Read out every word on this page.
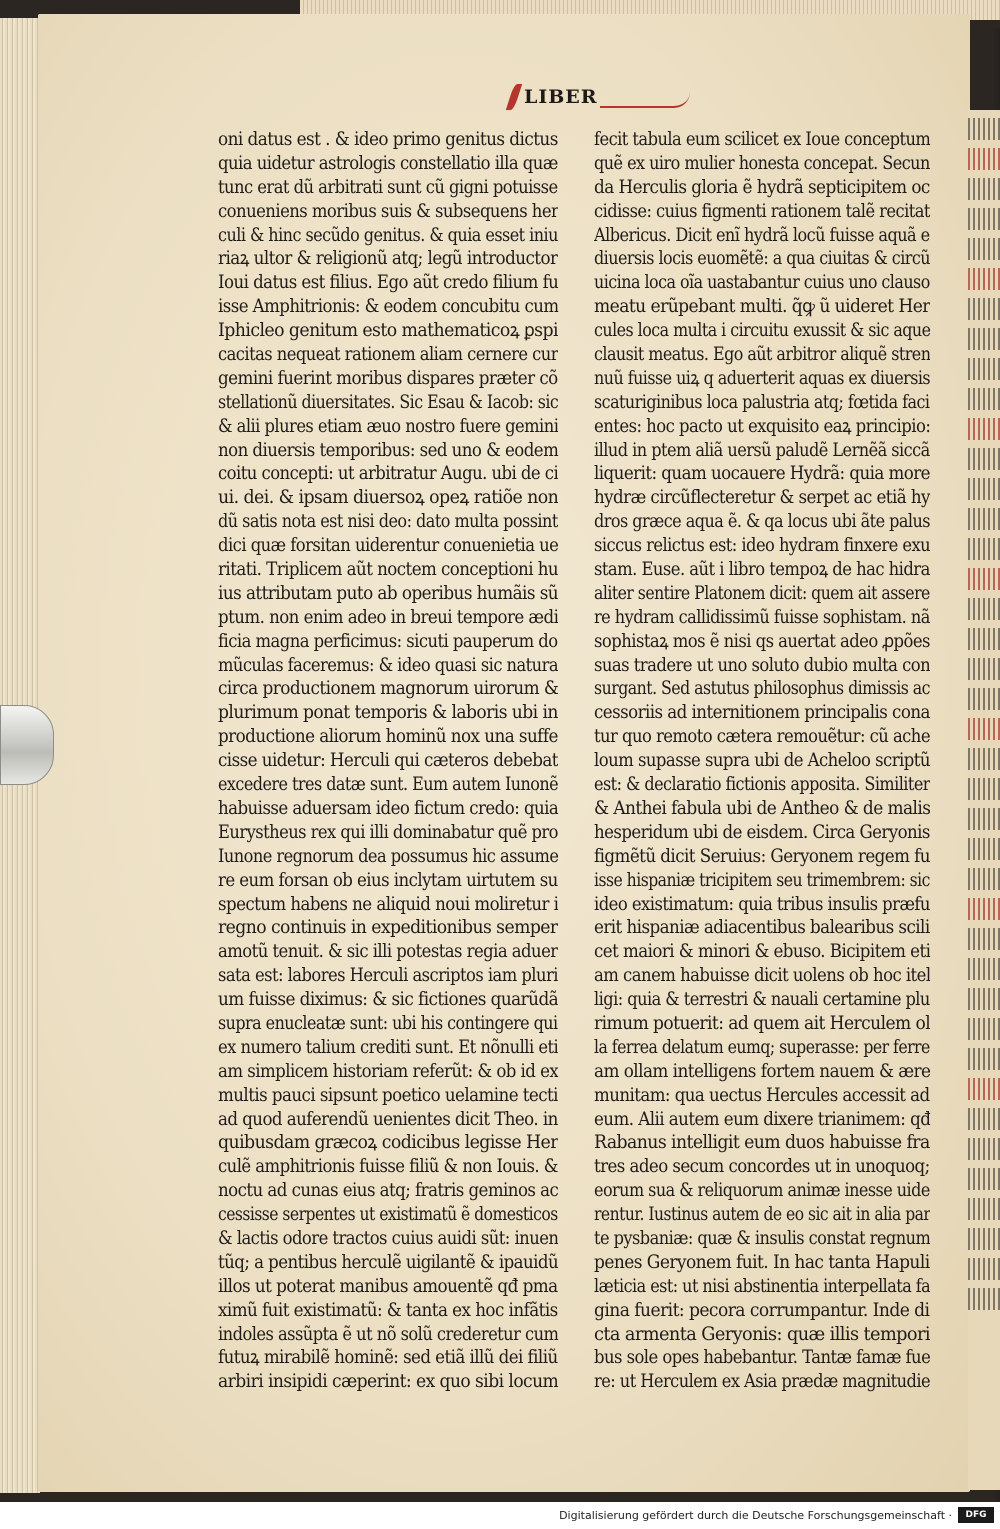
LIBER
oni datus est . & ideo primo genitus dictus
quia uidetur astrologis constellatio illa quæ
tunc erat dũ arbitrati sunt cũ gigni potuisse
conueniens moribus suis & subsequens her
culi & hinc secũdo genitus. & quia esset iniu
riaꝝ ultor & religionũ atq; legũ introductor
Ioui datus est filius. Ego aũt credo filium fu
isse Amphitrionis: & eodem concubitu cum
Iphicleo genitum esto mathematicoꝝ ꝑspi
cacitas nequeat rationem aliam cernere cur
gemini fuerint moribus dispares præter cõ
stellationũ diuersitates. Sic Esau & Iacob: sic
& alii plures etiam æuo nostro fuere gemini
non diuersis temporibus: sed uno & eodem
coitu concepti: ut arbitratur Augu. ubi de ci
ui. dei. & ipsam diuersoꝝ opeꝝ ratiõe non
dũ satis nota est nisi deo: dato multa possint
dici quæ forsitan uiderentur conuenietia ue
ritati. Triplicem aũt noctem conceptioni hu
ius attributam puto ab operibus humãis sũ
ptum. non enim adeo in breui tempore ædi
ficia magna perficimus: sicuti pauperum do
mũculas faceremus: & ideo quasi sic natura
circa productionem magnorum uirorum &
plurimum ponat temporis & laboris ubi in
productione aliorum hominũ nox una suffe
cisse uidetur: Herculi qui cæteros debebat
excedere tres datæ sunt. Eum autem Iunonẽ
habuisse aduersam ideo fictum credo: quia
Eurystheus rex qui illi dominabatur quẽ pro
Iunone regnorum dea possumus hic assume
re eum forsan ob eius inclytam uirtutem su
spectum habens ne aliquid noui moliretur i
regno continuis in expeditionibus semper
amotũ tenuit. & sic illi potestas regia aduer
sata est: labores Herculi ascriptos iam pluri
um fuisse diximus: & sic fictiones quarũdã
supra enucleatæ sunt: ubi his contingere qui
ex numero talium crediti sunt. Et nõnulli eti
am simplicem historiam referũt: & ob id ex
multis pauci sipsunt poetico uelamine tecti
ad quod auferendũ uenientes dicit Theo. in
quibusdam græcoꝝ codicibus legisse Her
culẽ amphitrionis fuisse filiũ & non Iouis. &
noctu ad cunas eius atq; fratris geminos ac
cessisse serpentes ut existimatũ ẽ domesticos
& lactis odore tractos cuius auidi sũt: inuen
tũq; a pentibus herculẽ uigilantẽ & ipauidũ
illos ut poterat manibus amouentẽ qđ pma
ximũ fuit existimatũ: & tanta ex hoc infãtis
indoles assũpta ẽ ut nõ solũ crederetur cum
futuꝝ mirabilẽ hominẽ: sed etiã illũ dei filiũ
arbiri insipidi cæperint: ex quo sibi locum
fecit tabula eum scilicet ex Ioue conceptum
quẽ ex uiro mulier honesta concepat. Secun
da Herculis gloria ẽ hydrã septicipitem oc
cidisse: cuius figmenti rationem talẽ recitat
Albericus. Dicit enĩ hydrã locũ fuisse aquã e
diuersis locis euomẽtẽ: a qua ciuitas & circũ
uicina loca oĩa uastabantur cuius uno clauso
meatu erũpebant multi. q̃ꝙ ũ uideret Her
cules loca multa i circuitu exussit & sic aque
clausit meatus. Ego aũt arbitror aliquẽ stren
nuũ fuisse uiꝝ q aduerterit aquas ex diuersis
scaturiginibus loca palustria atq; fœtida faci
entes: hoc pacto ut exquisito eaꝝ principio:
illud in ptem aliã uersũ paludẽ Lernẽã siccã
liquerit: quam uocauere Hydrã: quia more
hydræ circũflecteretur & serpet ac etiã hy
dros græce aqua ẽ. & qa locus ubi ãte palus
siccus relictus est: ideo hydram finxere exu
stam. Euse. aũt i libro tempoꝝ de hac hidra
aliter sentire Platonem dicit: quem ait assere
re hydram callidissimũ fuisse sophistam. nã
sophistaꝝ mos ẽ nisi qs auertat adeo ꝓpões
suas tradere ut uno soluto dubio multa con
surgant. Sed astutus philosophus dimissis ac
cessoriis ad internitionem principalis cona
tur quo remoto cætera remouẽtur: cũ ache
loum supasse supra ubi de Acheloo scriptũ
est: & declaratio fictionis apposita. Similiter
& Anthei fabula ubi de Antheo & de malis
hesperidum ubi de eisdem. Circa Geryonis
figmẽtũ dicit Seruius: Geryonem regem fu
isse hispaniæ tricipitem seu trimembrem: sic
ideo existimatum: quia tribus insulis præfu
erit hispaniæ adiacentibus balearibus scili
cet maiori & minori & ebuso. Bicipitem eti
am canem habuisse dicit uolens ob hoc itel
ligi: quia & terrestri & nauali certamine plu
rimum potuerit: ad quem ait Herculem ol
la ferrea delatum eumq; superasse: per ferre
am ollam intelligens fortem nauem & ære
munitam: qua uectus Hercules accessit ad
eum. Alii autem eum dixere trianimem: qđ
Rabanus intelligit eum duos habuisse fra
tres adeo secum concordes ut in unoquoq;
eorum sua & reliquorum animæ inesse uide
rentur. Iustinus autem de eo sic ait in alia par
te pysbaniæ: quæ & insulis constat regnum
penes Geryonem fuit. In hac tanta Hapuli
læticia est: ut nisi abstinentia interpellata fa
gina fuerit: pecora corrumpantur. Inde di
cta armenta Geryonis: quæ illis tempori
bus sole opes habebantur. Tantæ famæ fue
re: ut Herculem ex Asia prædæ magnitudie
Digitalisierung gefördert durch die Deutsche Forschungsgemeinschaft ·	DFG
